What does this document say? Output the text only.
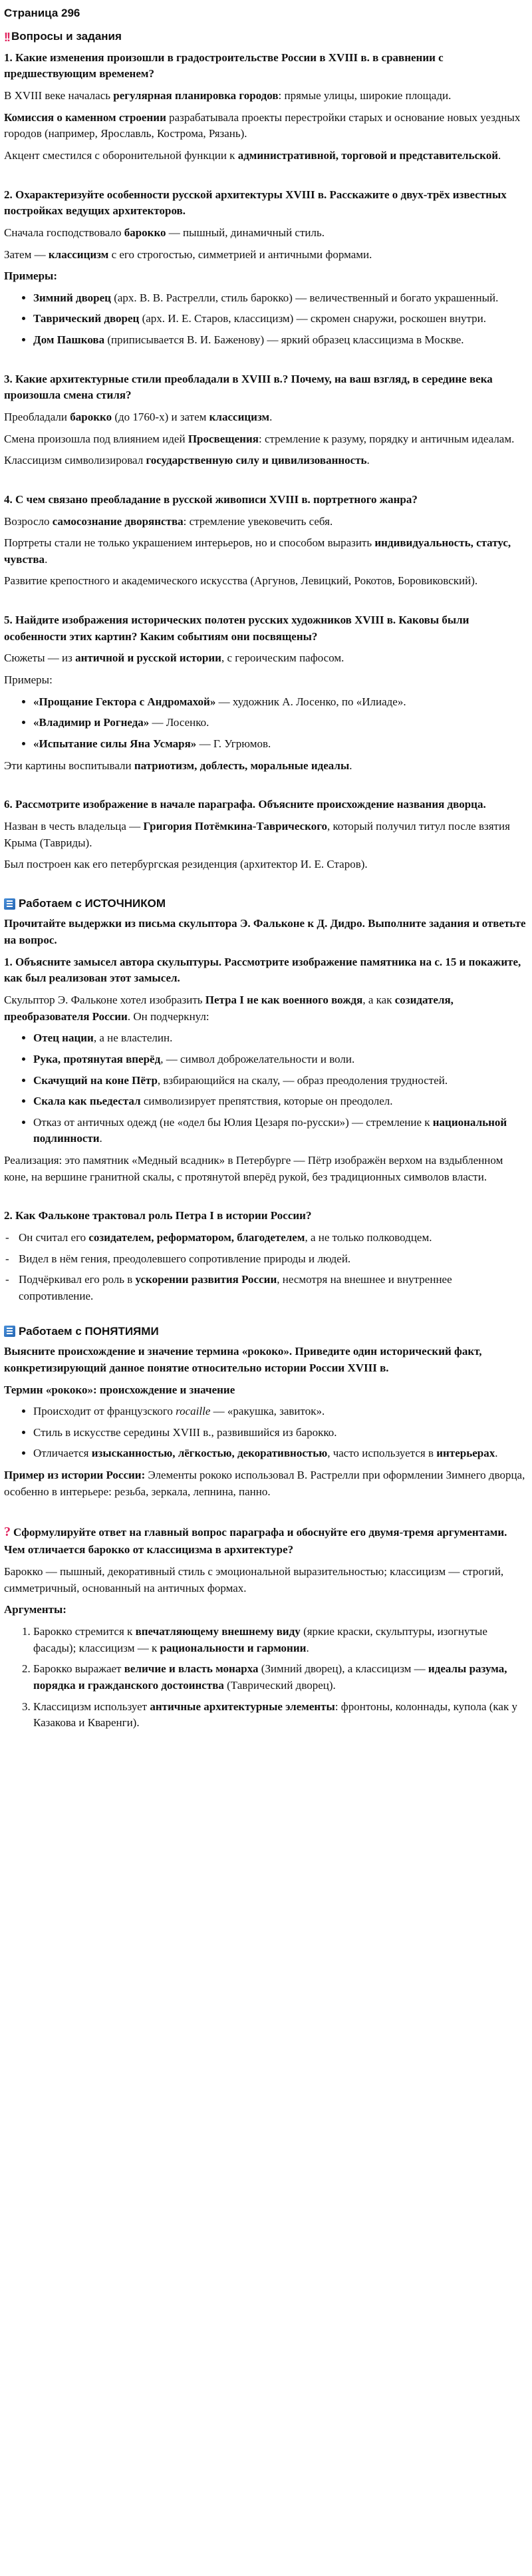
Страница 296
!! Вопросы и задания

1. Какие изменения произошли в градостроительстве России в XVIII в. в сравнении с предшествующим временем?

В XVIII веке началась регулярная планировка городов: прямые улицы, широкие площади.

Комиссия о каменном строении разрабатывала проекты перестройки старых и основание новых уездных городов (например, Ярославль, Кострома, Рязань).

Акцент сместился с оборонительной функции к административной, торговой и представительской.

2. Охарактеризуйте особенности русской архитектуры XVIII в. Расскажите о двух-трёх известных постройках ведущих архитекторов.

Сначала господствовало барокко — пышный, динамичный стиль.

Затем — классицизм с его строгостью, симметрией и античными формами.

Примеры:

• Зимний дворец (арх. В. В. Растрелли, стиль барокко) — величественный и богато украшенный.
• Таврический дворец (арх. И. Е. Старов, классицизм) — скромен снаружи, роскошен внутри.
• Дом Пашкова (приписывается В. И. Баженову) — яркий образец классицизма в Москве.

3. Какие архитектурные стили преобладали в XVIII в.? Почему, на ваш взгляд, в середине века произошла смена стиля?

Преобладали барокко (до 1760-х) и затем классицизм.

Смена произошла под влиянием идей Просвещения: стремление к разуму, порядку и античным идеалам.

Классицизм символизировал государственную силу и цивилизованность.

4. С чем связано преобладание в русской живописи XVIII в. портретного жанра?

Возросло самосознание дворянства: стремление увековечить себя.

Портреты стали не только украшением интерьеров, но и способом выразить индивидуальность, статус, чувства.

Развитие крепостного и академического искусства (Аргунов, Левицкий, Рокотов, Боровиковский).

5. Найдите изображения исторических полотен русских художников XVIII в. Каковы были особенности этих картин? Каким событиям они посвящены?

Сюжеты — из античной и русской истории, с героическим пафосом.

Примеры:

• «Прощание Гектора с Андромахой» — художник А. Лосенко, по «Илиаде».
• «Владимир и Рогнеда» — Лосенко.
• «Испытание силы Яна Усмаря» — Г. Угрюмов.

Эти картины воспитывали патриотизм, доблесть, моральные идеалы.

6. Рассмотрите изображение в начале параграфа. Объясните происхождение названия дворца.

Назван в честь владельца — Григория Потёмкина-Таврического, который получил титул после взятия Крыма (Тавриды).

Был построен как его петербургская резиденция (архитектор И. Е. Старов).

Работаем с ИСТОЧНИКОМ

Прочитайте выдержки из письма скульптора Э. Фальконе к Д. Дидро. Выполните задания и ответьте на вопрос.

1. Объясните замысел автора скульптуры. Рассмотрите изображение памятника на с. 15 и покажите, как был реализован этот замысел.

Скульптор Э. Фальконе хотел изобразить Петра I не как военного вождя, а как созидателя, преобразователя России. Он подчеркнул:

• Отец нации, а не властелин.
• Рука, протянутая вперёд, — символ доброжелательности и воли.
• Скачущий на коне Пётр, взбирающийся на скалу, — образ преодоления трудностей.
• Скала как пьедестал символизирует препятствия, которые он преодолел.
• Отказ от античных одежд (не «одел бы Юлия Цезаря по-русски») — стремление к национальной подлинности.

Реализация: это памятник «Медный всадник» в Петербурге — Пётр изображён верхом на вздыбленном коне, на вершине гранитной скалы, с протянутой вперёд рукой, без традиционных символов власти.

2. Как Фальконе трактовал роль Петра I в истории России?

- Он считал его созидателем, реформатором, благодетелем, а не только полководцем.
- Видел в нём гения, преодолевшего сопротивление природы и людей.
- Подчёркивал его роль в ускорении развития России, несмотря на внешнее и внутреннее сопротивление.
Работаем с ПОНЯТИЯМИ

Выясните происхождение и значение термина «рококо». Приведите один исторический факт, конкретизирующий данное понятие относительно истории России XVIII в.

Термин «рококо»: происхождение и значение

• Происходит от французского rocaille — «ракушка, завиток».
• Стиль в искусстве середины XVIII в., развившийся из барокко.
• Отличается изысканностью, лёгкостью, декоративностью, часто используется в интерьерах.

Пример из истории России: Элементы рококо использовал В. Растрелли при оформлении Зимнего дворца, особенно в интерьере: резьба, зеркала, лепнина, панно.

? Сформулируйте ответ на главный вопрос параграфа и обоснуйте его двумя-тремя аргументами. Чем отличается барокко от классицизма в архитектуре?

Барокко — пышный, декоративный стиль с эмоциональной выразительностью; классицизм — строгий, симметричный, основанный на античных формах.

Аргументы:

1. Барокко стремится к впечатляющему внешнему виду (яркие краски, скульптуры, изогнутые фасады); классицизм — к рациональности и гармонии.
2. Барокко выражает величие и власть монарха (Зимний дворец), а классицизм — идеалы разума, порядка и гражданского достоинства (Таврический дворец).
3. Классицизм использует античные архитектурные элементы: фронтоны, колоннады, купола (как у Казакова и Кваренги).
